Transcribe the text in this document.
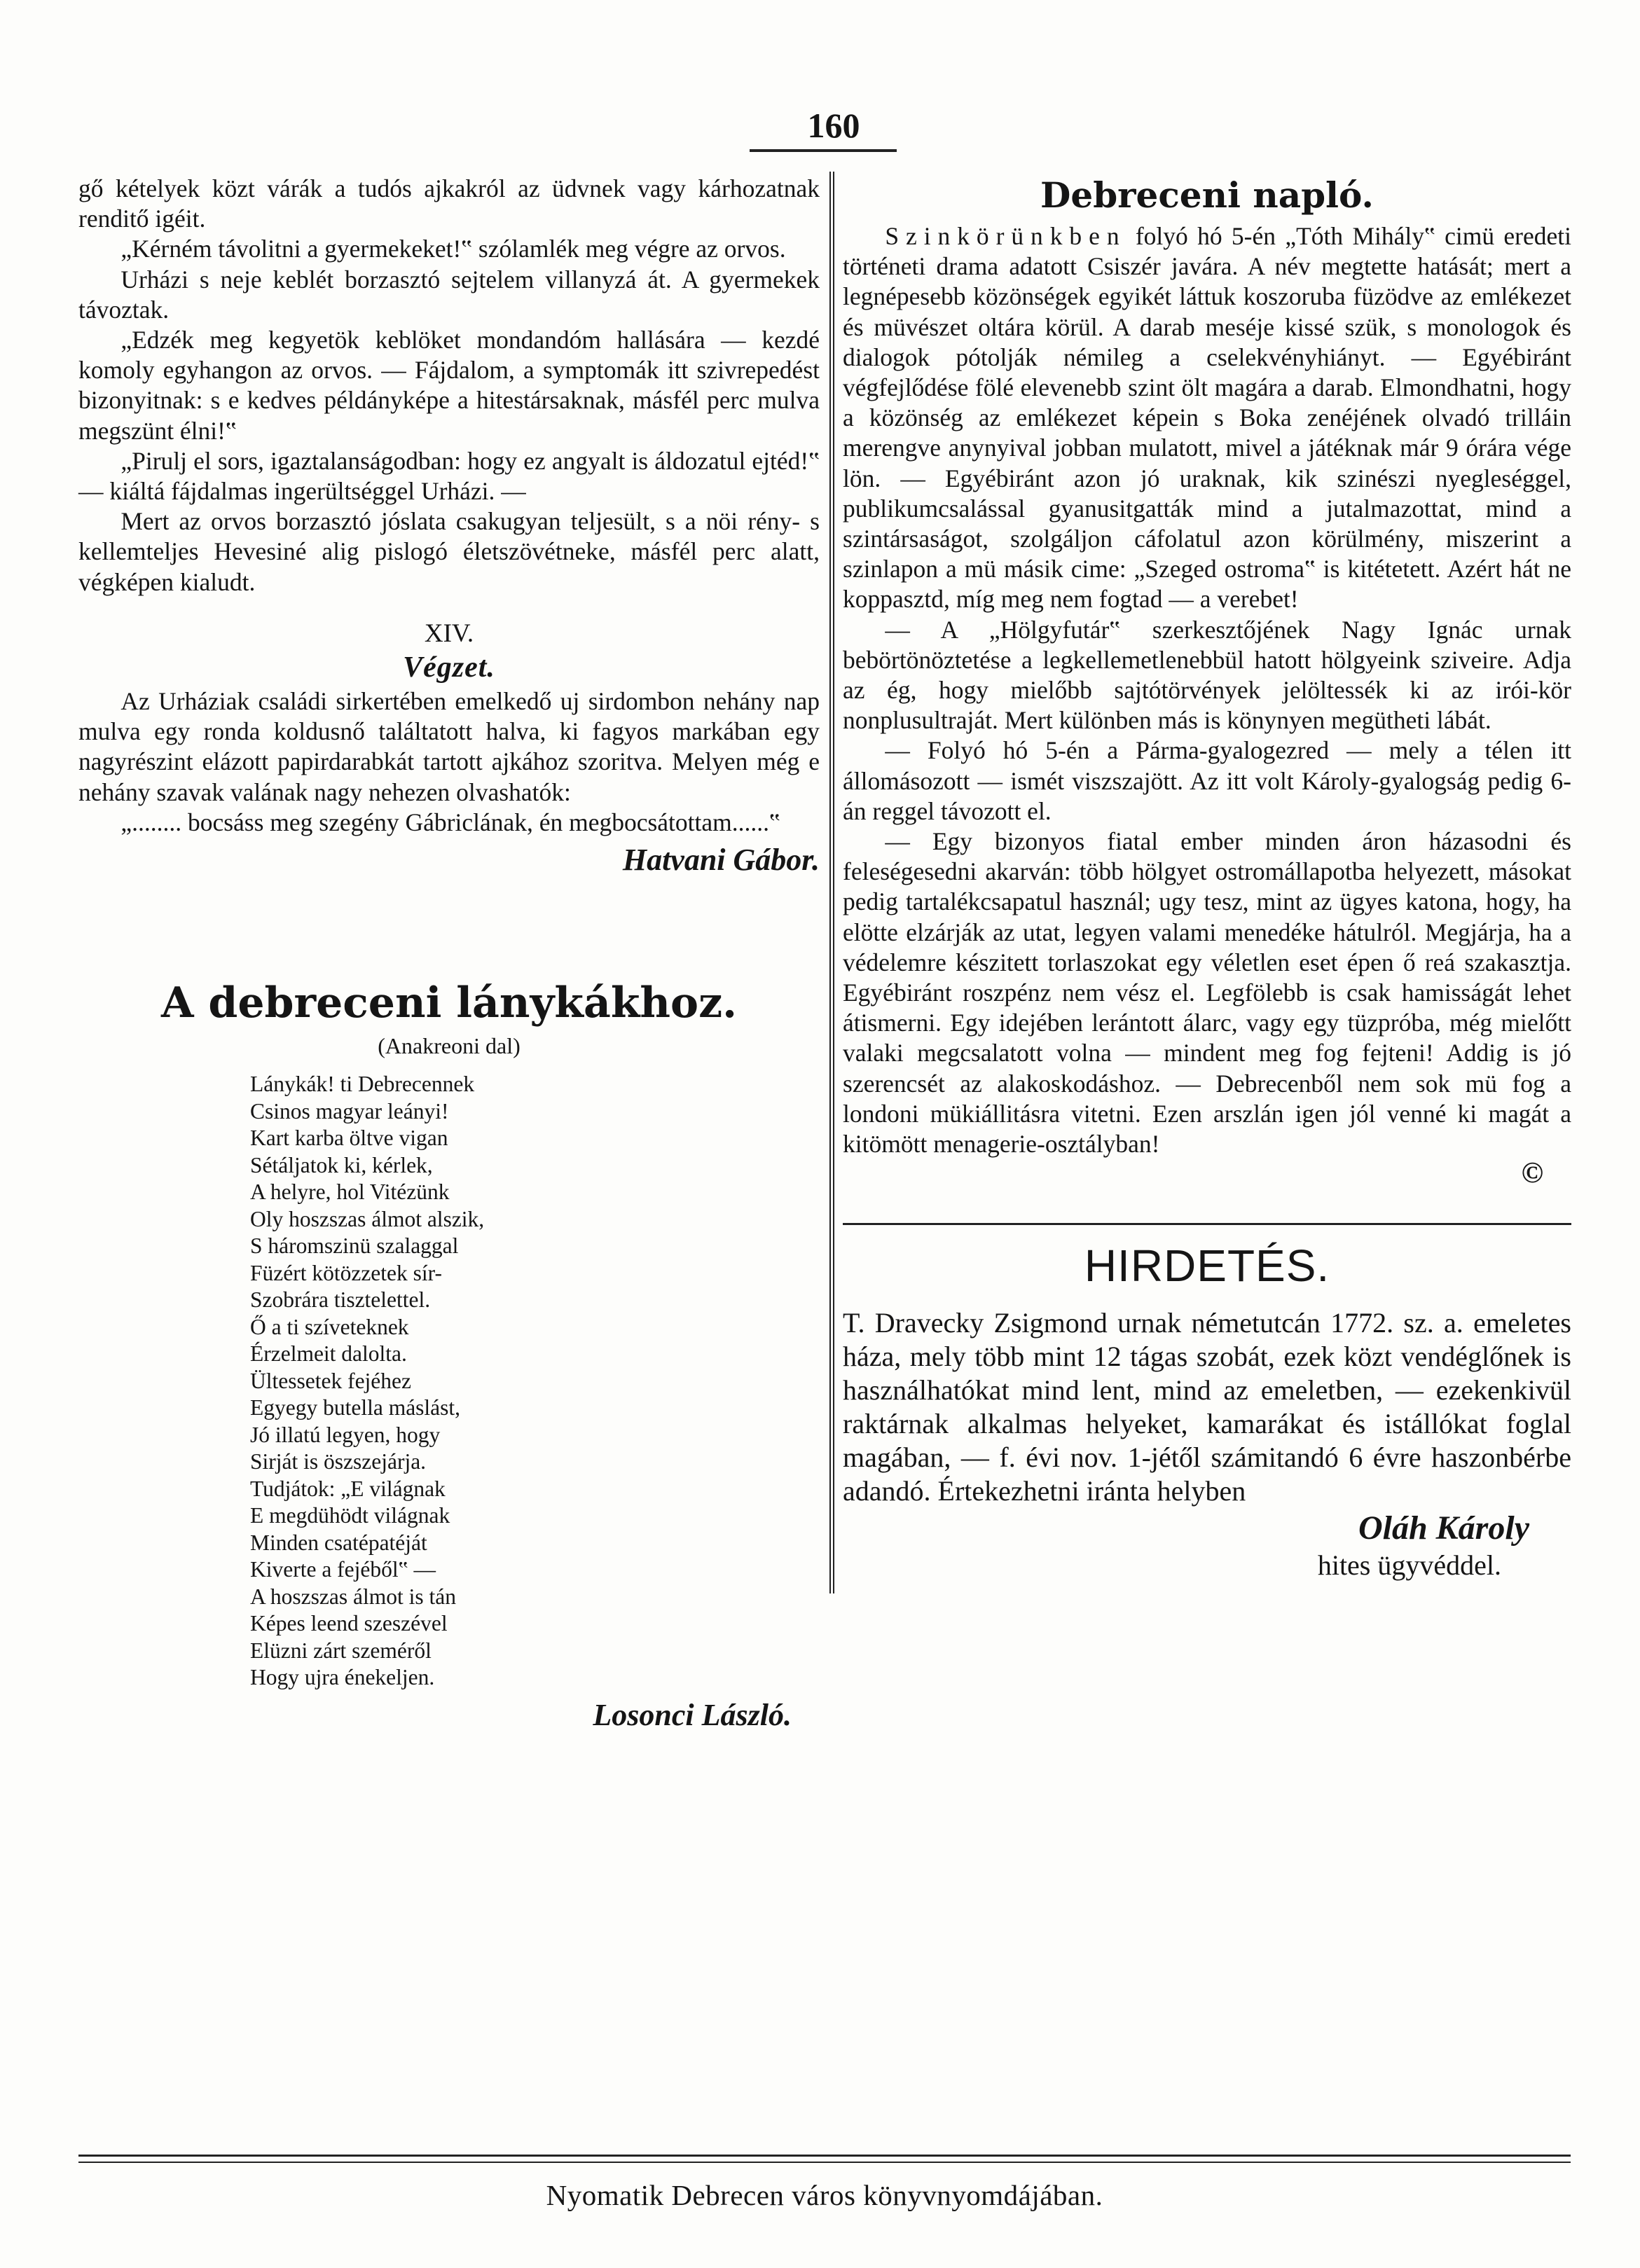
160

gő kételyek közt várák a tudós ajkakról az üdvnek vagy kárhozatnak renditő igéit.

„Kérném távolitni a gyermekeket!‟ szólamlék meg végre az orvos.

Urházi s neje keblét borzasztó sejtelem villanyzá át. A gyermekek távoztak.

„Edzék meg kegyetök keblöket mondandóm hallására — kezdé komoly egyhangon az orvos. — Fájdalom, a symptomák itt szivrepedést bizonyitnak: s e kedves példányképe a hitestársaknak, másfél perc mulva megszünt élni!‟

„Pirulj el sors, igaztalanságodban: hogy ez angyalt is áldozatul ejtéd!‟ — kiáltá fájdalmas ingerültséggel Urházi. —

Mert az orvos borzasztó jóslata csakugyan teljesült, s a nöi rény- s kellemteljes Hevesiné alig pislogó életszövétneke, másfél perc alatt, végképen kialudt.

XIV.
Végzet.

Az Urháziak családi sirkertében emelkedő uj sirdombon nehány nap mulva egy ronda koldusnő találtatott halva, ki fagyos markában egy nagyrészint elázott papirdarabkát tartott ajkához szoritva. Melyen még e nehány szavak valának nagy nehezen olvashatók:

„........ bocsáss meg szegény Gábriclának, én megbocsátottam......‟

Hatvani Gábor.
A debreceni lánykákhoz.
(Anakreoni dal)
Lánykák! ti Debrecennek
Csinos magyar leányi!
Kart karba öltve vigan
Sétáljatok ki, kérlek,
A helyre, hol Vitézünk
Oly hoszszas álmot alszik,
S háromszinü szalaggal
Füzért kötözzetek sír-
Szobrára tisztelettel.
Ő a ti szíveteknek
Érzelmeit dalolta.
Ültessetek fejéhez
Egyegy butella máslást,
Jó illatú legyen, hogy
Sirját is öszszejárja.
Tudjátok: „E világnak
E megdühödt világnak
Minden csatépatéját
Kiverte a fejéből‟ —
A hoszszas álmot is tán
Képes leend szeszével
Elüzni zárt szeméről
Hogy ujra énekeljen.
Losonci László.
Debreceni napló.

Szinkörünkben folyó hó 5-én „Tóth Mihály‟ cimü eredeti történeti drama adatott Csiszér javára. A név megtette hatását; mert a legnépesebb közönségek egyikét láttuk koszoruba füzödve az emlékezet és müvészet oltára körül. A darab meséje kissé szük, s monologok és dialogok pótolják némileg a cselekvényhiányt. — Egyébiránt végfejlődése fölé elevenebb szint ölt magára a darab. Elmondhatni, hogy a közönség az emlékezet képein s Boka zenéjének olvadó trilláin merengve anynyival jobban mulatott, mivel a játéknak már 9 órára vége lön. — Egyébiránt azon jó uraknak, kik szinészi nyegleséggel, publikumcsalással gyanusitgatták mind a jutalmazottat, mind a szintársaságot, szolgáljon cáfolatul azon körülmény, miszerint a szinlapon a mü másik cime: „Szeged ostroma‟ is kitétetett. Azért hát ne koppasztd, míg meg nem fogtad — a verebet!

— A „Hölgyfutár‟ szerkesztőjének Nagy Ignác urnak bebörtönöztetése a legkellemetlenebbül hatott hölgyeink sziveire. Adja az ég, hogy mielőbb sajtótörvények jelöltessék ki az irói-kör nonplusultraját. Mert különben más is könynyen megütheti lábát.

— Folyó hó 5-én a Párma-gyalogezred — mely a télen itt állomásozott — ismét viszszajött. Az itt volt Károly-gyalogság pedig 6-án reggel távozott el.

— Egy bizonyos fiatal ember minden áron házasodni és feleségesedni akarván: több hölgyet ostromállapotba helyezett, másokat pedig tartalékcsapatul használ; ugy tesz, mint az ügyes katona, hogy, ha elötte elzárják az utat, legyen valami menedéke hátulról. Megjárja, ha a védelemre készitett torlaszokat egy véletlen eset épen ő reá szakasztja. Egyébiránt roszpénz nem vész el. Legfölebb is csak hamisságát lehet átismerni. Egy idejében lerántott álarc, vagy egy tüzpróba, még mielőtt valaki megcsalatott volna — mindent meg fog fejteni! Addig is jó szerencsét az alakoskodáshoz. — Debrecenből nem sok mü fog a londoni mükiállitásra vitetni. Ezen arszlán igen jól venné ki magát a kitömött menagerie-osztályban!

©
HIRDETÉS.

T. Dravecky Zsigmond urnak németutcán 1772. sz. a. emeletes háza, mely több mint 12 tágas szobát, ezek közt vendéglőnek is használhatókat mind lent, mind az emeletben, — ezekenkivül raktárnak alkalmas helyeket, kamarákat és istállókat foglal magában, — f. évi nov. 1-jétől számitandó 6 évre haszonbérbe adandó. Értekezhetni iránta helyben

Oláh Károly
hites ügyvéddel.
Nyomatik Debrecen város könyvnyomdájában.
